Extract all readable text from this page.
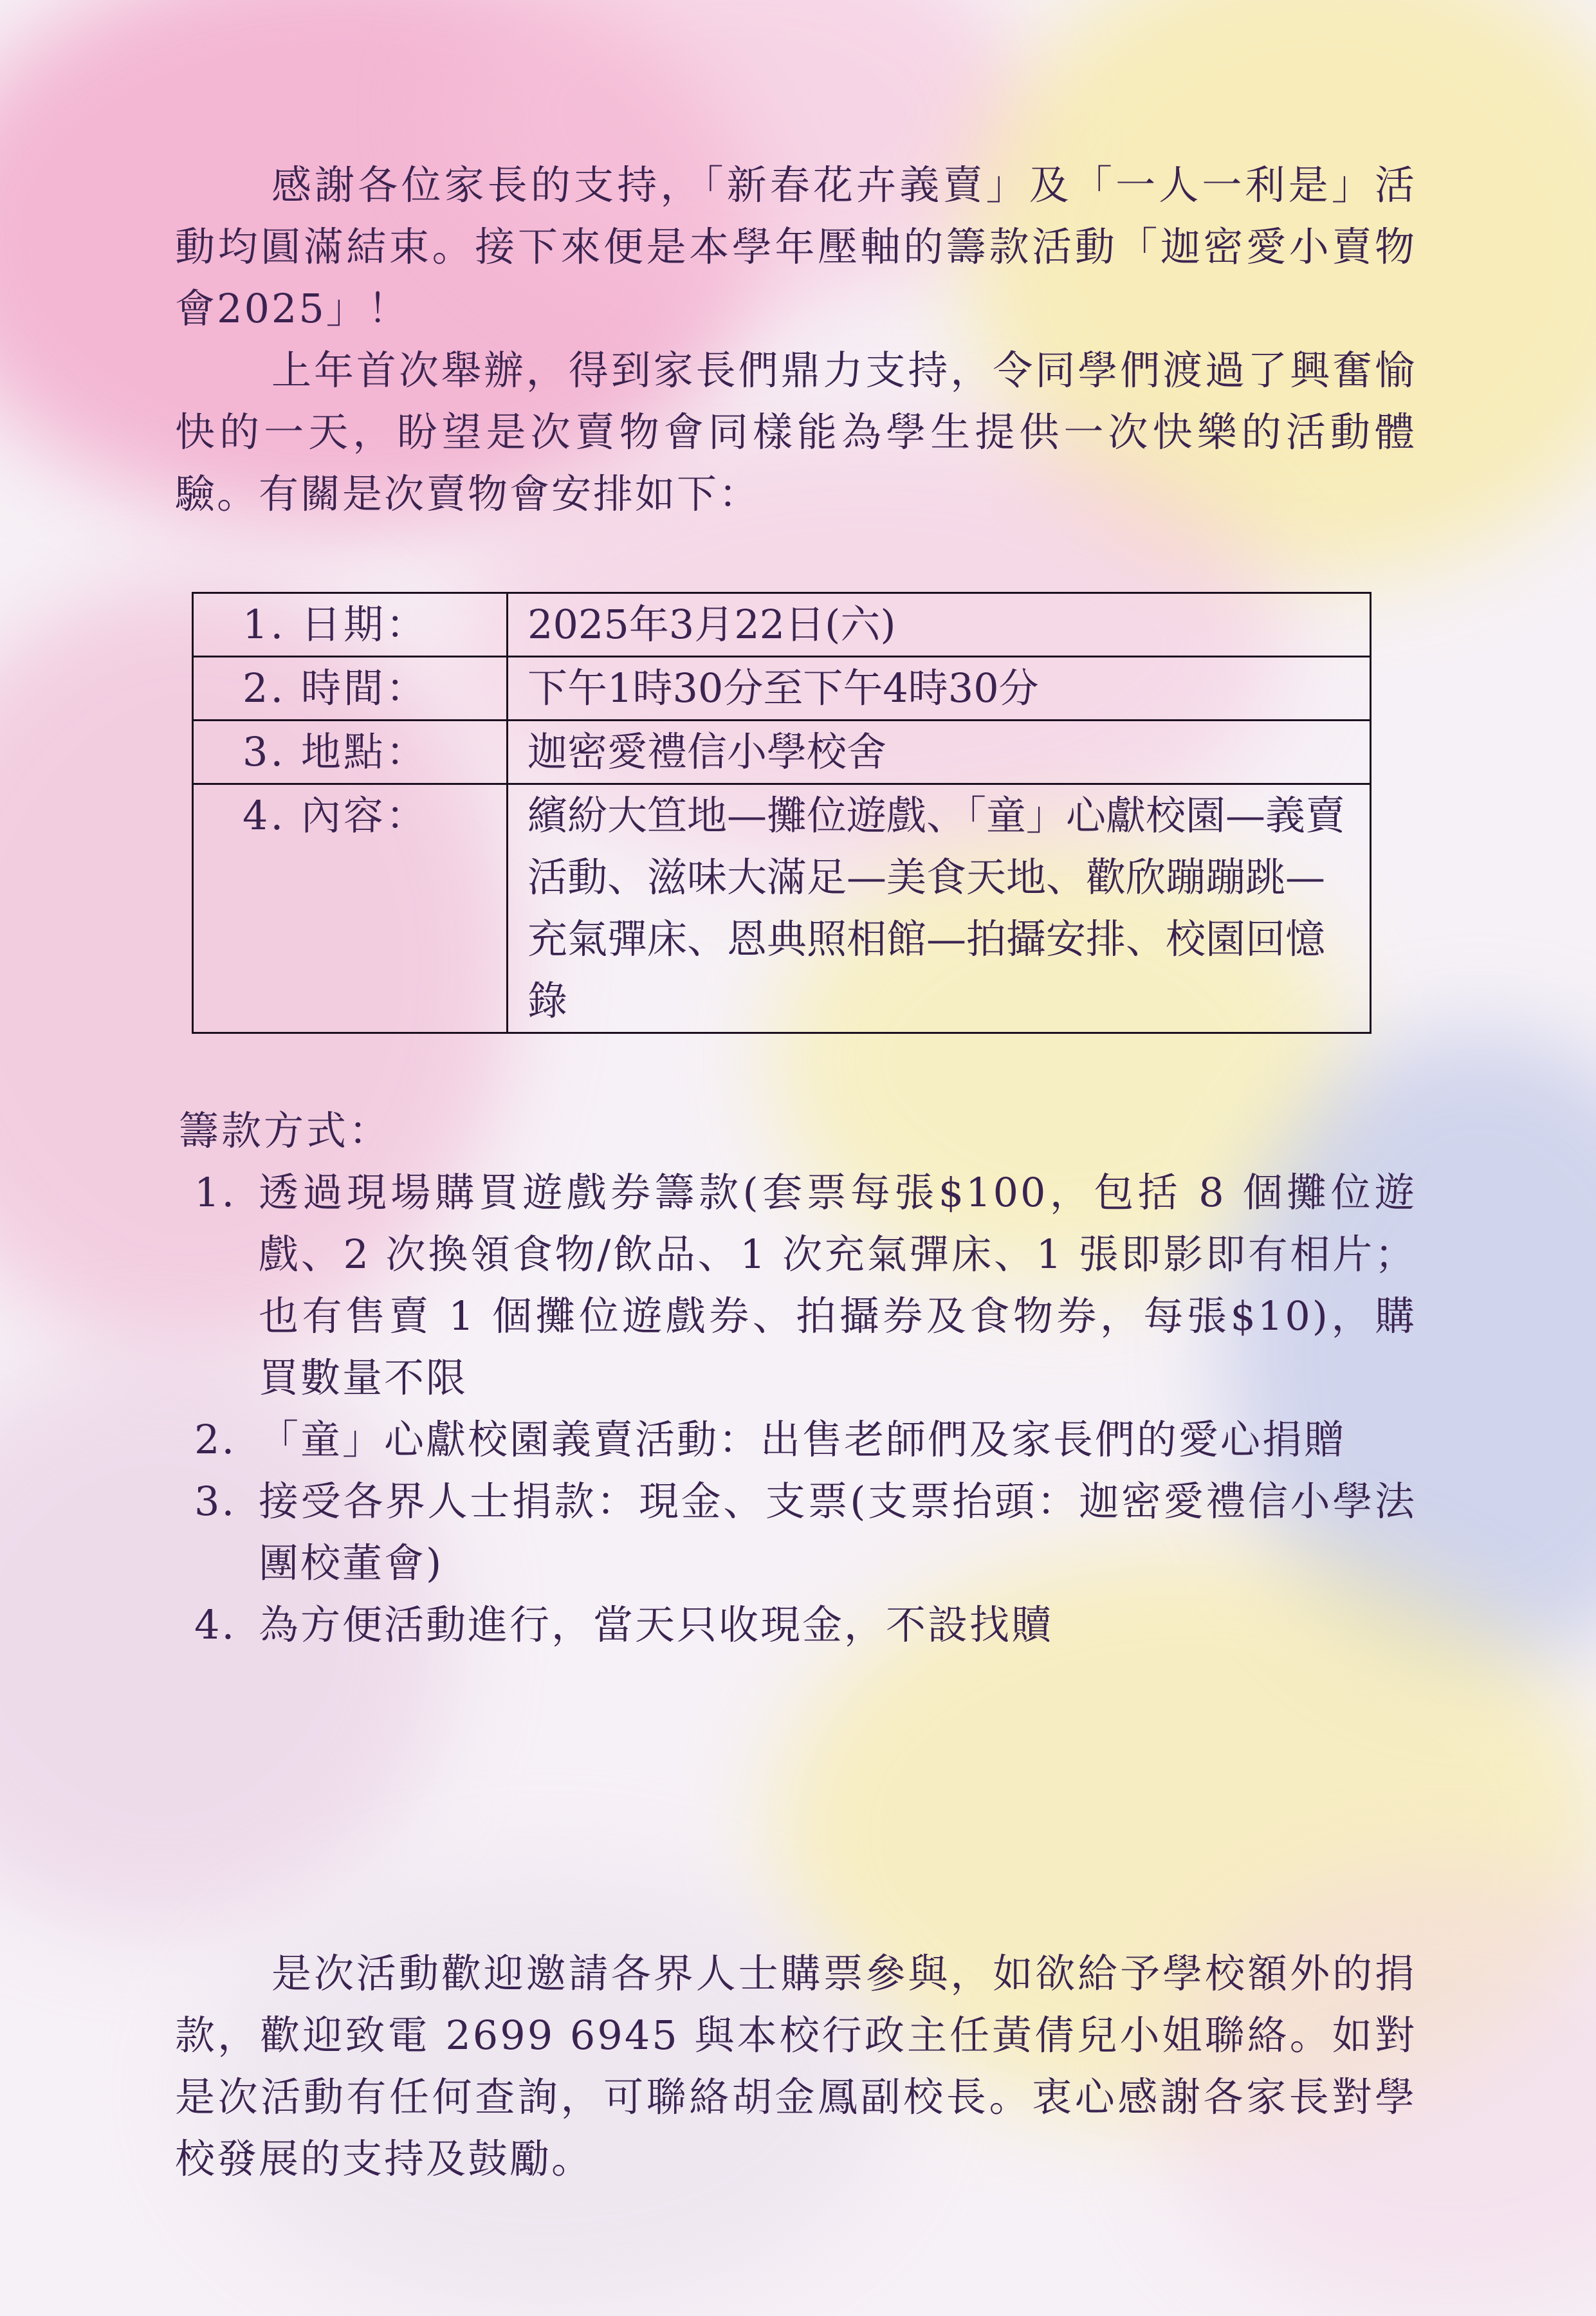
感謝各位家長的支持，「新春花卉義賣」及「一人一利是」活動均圓滿結束。接下來便是本學年壓軸的籌款活動「迦密愛小賣物會2025」！

上年首次舉辦，得到家長們鼎力支持，令同學們渡過了興奮愉快的一天，盼望是次賣物會同樣能為學生提供一次快樂的活動體驗。有關是次賣物會安排如下：

1. 日期：	2025年3月22日(六)
2. 時間：	下午1時30分至下午4時30分
3. 地點：	迦密愛禮信小學校舍
4. 內容：	繽紛大笪地—攤位遊戲、「童」心獻校園—義賣活動、滋味大滿足—美食天地、歡欣蹦蹦跳—充氣彈床、恩典照相館—拍攝安排、校園回憶錄

籌款方式：

1. 透過現場購買遊戲券籌款(套票每張$100，包括 8 個攤位遊戲、2 次換領食物/飲品、1 次充氣彈床、1 張即影即有相片；也有售賣 1 個攤位遊戲券、拍攝券及食物券，每張$10)，購買數量不限
2. 「童」心獻校園義賣活動：出售老師們及家長們的愛心捐贈
3. 接受各界人士捐款：現金、支票(支票抬頭：迦密愛禮信小學法團校董會)
4. 為方便活動進行，當天只收現金，不設找贖

是次活動歡迎邀請各界人士購票參與，如欲給予學校額外的捐款，歡迎致電 2699 6945 與本校行政主任黃倩兒小姐聯絡。如對是次活動有任何查詢，可聯絡胡金鳳副校長。衷心感謝各家長對學校發展的支持及鼓勵。
